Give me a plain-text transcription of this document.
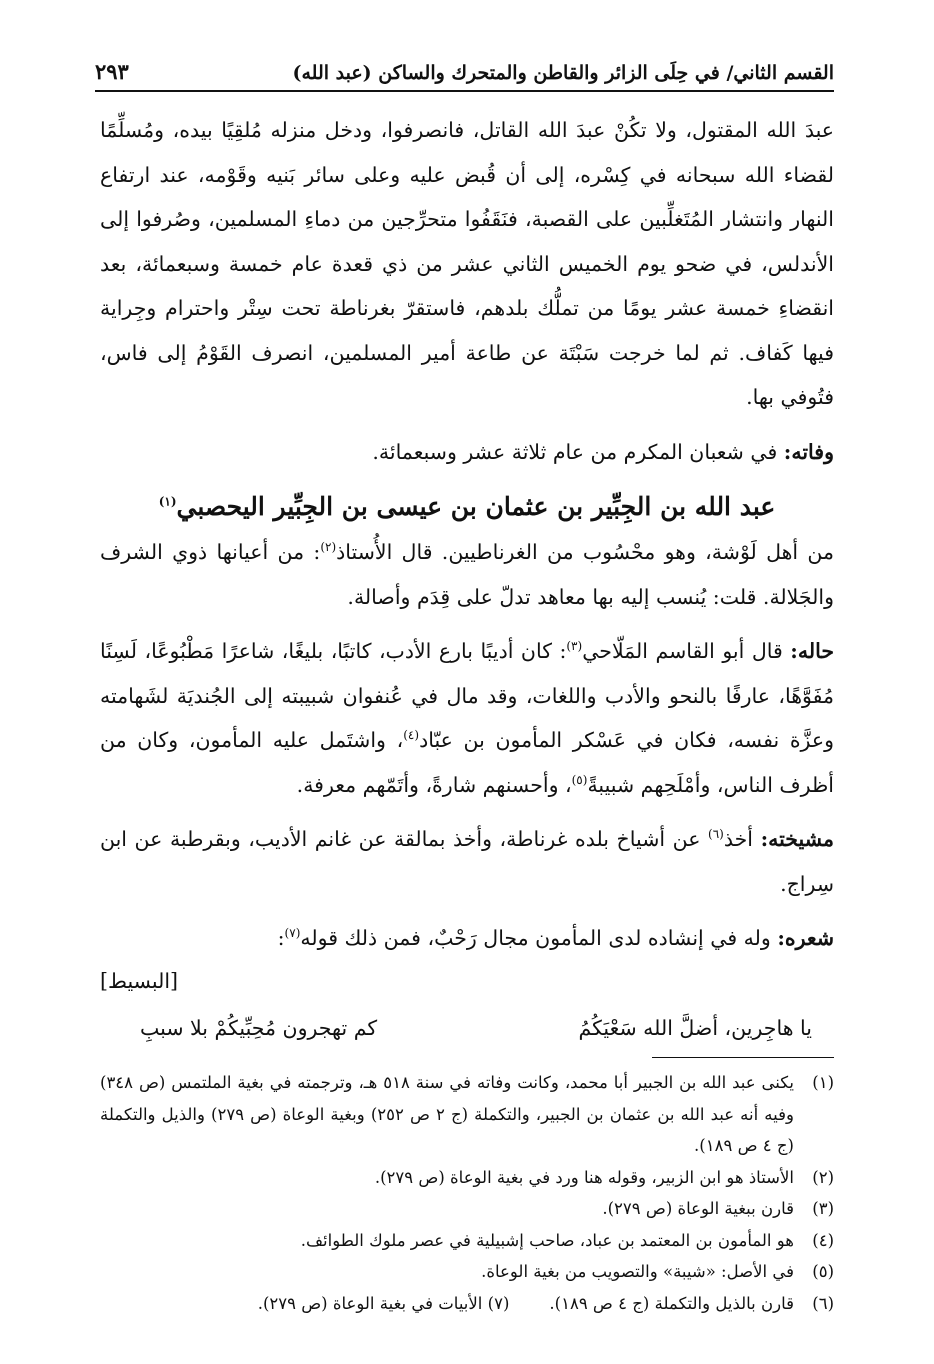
القسم الثاني/ في حِلَى الزائر والقاطن والمتحرك والساكن (عبد الله)
٢٩٣

عبدَ الله المقتول، ولا تكُنْ عبدَ الله القاتل، فانصرفوا، ودخل منزله مُلقِيًا بيده، ومُسلِّمًا لقضاء الله سبحانه في كِسْره، إلى أن قُبض عليه وعلى سائر بَنيه وقَوْمه، عند ارتفاع النهار وانتشار المُتَغلِّبين على القصبة، فنَقَفُوا متحرِّجين من دماءِ المسلمين، وصُرفوا إلى الأندلس، في ضحو يوم الخميس الثاني عشر من ذي قعدة عام خمسة وسبعمائة، بعد انقضاءِ خمسة عشر يومًا من تملُّك بلدهم، فاستقرّ بغرناطة تحت سِتْر واحترام وجِراية فيها كَفاف. ثم لما خرجت سَبْتَة عن طاعة أمير المسلمين، انصرف القَوْمُ إلى فاس، فتُوفي بها.

وفاته: في شعبان المكرم من عام ثلاثة عشر وسبعمائة.

عبد الله بن الجِبِّير بن عثمان بن عيسى بن الجِبِّير اليحصبي$^{(١)}$

من أهل لَوْشة، وهو محْسُوب من الغرناطيين. قال الأُستاذ$^{(٢)}$: من أعيانها ذوي الشرف والجَلالة. قلت: يُنسب إليه بها معاهد تدلّ على قِدَم وأصالة.

حاله: قال أبو القاسم المَلّاحي$^{(٣)}$: كان أديبًا بارع الأدب، كاتبًا، بليغًا، شاعرًا مَطْبُوعًا، لَسِنًا مُفَوَّهًا، عارفًا بالنحو والأدب واللغات، وقد مال في عُنفوان شبيبته إلى الجُنديَة لشَهامته وعزَّة نفسه، فكان في عَسْكر المأمون بن عبّاد$^{(٤)}$، واشتَمل عليه المأمون، وكان من أظرف الناس، وأمْلَحِهم شبيبةً$^{(٥)}$، وأحسنهم شارةً، وأتَمّهم معرفة.

مشيخته: أخذ$^{(٦)}$ عن أشياخ بلده غرناطة، وأخذ بمالقة عن غانم الأديب، وبقرطبة عن ابن سِراج.

شعره: وله في إنشاده لدى المأمون مجال رَحْبٌ، فمن ذلك قوله$^{(٧)}$:

[البسيط]

يا هاجِرين، أضلَّ الله سَعْيَكُمُ
كم تهجرون مُحِبِّيكُمْ بلا سببِ
(١)
يكنى عبد الله بن الجبير أبا محمد، وكانت وفاته في سنة ٥١٨ هـ، وترجمته في بغية الملتمس (ص ٣٤٨) وفيه أنه عبد الله بن عثمان بن الجبير، والتكملة (ج ٢ ص ٢٥٢) وبغية الوعاة (ص ٢٧٩) والذيل والتكملة (ج ٤ ص ١٨٩).
(٢)
الأستاذ هو ابن الزبير، وقوله هنا ورد في بغية الوعاة (ص ٢٧٩).
(٣)
قارن ببغية الوعاة (ص ٢٧٩).
(٤)
هو المأمون بن المعتمد بن عباد، صاحب إشبيلية في عصر ملوك الطوائف.
(٥)
في الأصل: «شيبة» والتصويب من بغية الوعاة.
(٦)
قارن بالذيل والتكملة (ج ٤ ص ١٨٩).(٧) الأبيات في بغية الوعاة (ص ٢٧٩).
